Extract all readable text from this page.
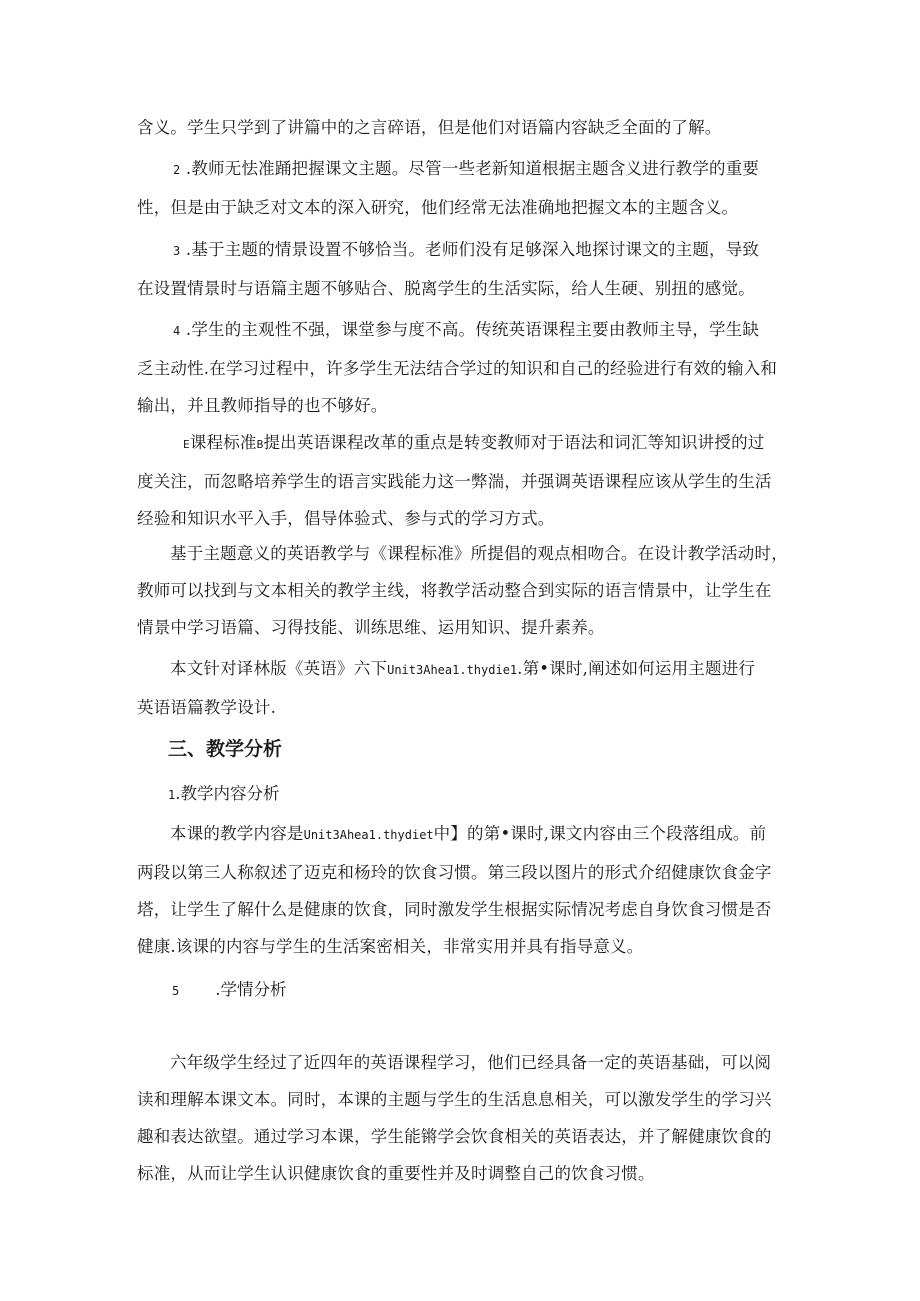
含义。学生只学到了讲篇中的之言碎语，但是他们对语篇内容缺乏全面的了解。

2 .教师无怯准踊把握课文主题。尽管一些老新知道根据主题含义进行教学的重要
性，但是由于缺乏对文本的深入研究，他们经常无法准确地把握文本的主题含义。

3 .基于主题的情景设置不够恰当。老师们没有足够深入地探讨课文的主题，导致
在设置情景时与语篇主题不够贴合、脱离学生的生活实际，给人生硬、别扭的感觉。

4 .学生的主观性不强，课堂参与度不高。传统英语课程主要由教师主导，学生缺
乏主动性.在学习过程中，许多学生无法结合学过的知识和自己的经验进行有效的输入和
输出，并且教师指导的也不够好。

E课程标准B提出英语课程改革的重点是转变教师对于语法和词汇等知识讲授的过
度关注，而忽略培养学生的语言实践能力这一弊湍，并强调英语课程应该从学生的生活
经验和知识水平入手，倡导体验式、参与式的学习方式。

基于主题意义的英语教学与《课程标准》所提倡的观点相吻合。在设计教学活动时，
教师可以找到与文本相关的教学主线，将教学活动整合到实际的语言情景中，让学生在
情景中学习语篇、习得技能、训练思维、运用知识、提升素养。

本文针对译林版《英语》六下Unit3Ahea1.thydie1.第•课时,阐述如何运用主题进行
英语语篇教学设计.

三、教学分析

1.教学内容分析

本课的教学内容是Unit3Ahea1.thydiet中】的第•课时,课文内容由三个段落组成。前
两段以第三人称叙述了迈克和杨玲的饮食习惯。第三段以图片的形式介绍健康饮食金字
塔，让学生了解什么是健康的饮食，同时激发学生根据实际情况考虑自身饮食习惯是否
健康.该课的内容与学生的生活案密相关，非常实用并具有指导意义。

5 .学情分析

六年级学生经过了近四年的英语课程学习，他们已经具备一定的英语基础，可以阅
读和理解本课文本。同时，本课的主题与学生的生活息息相关，可以激发学生的学习兴
趣和表达欲望。通过学习本课，学生能锵学会饮食相关的英语表达，并了解健康饮食的
标准，从而让学生认识健康饮食的重要性并及时调整自己的饮食习惯。
